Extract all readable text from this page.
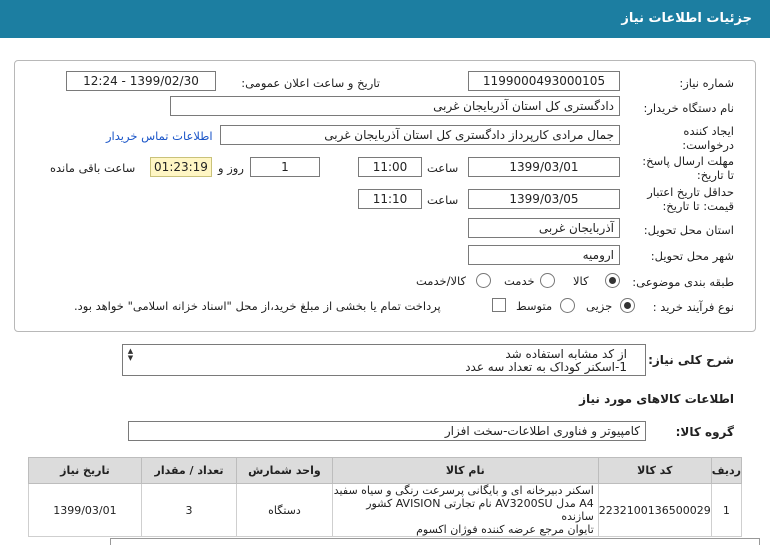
جزئیات اطلاعات نیاز
شماره نیاز:
1199000493000105
تاریخ و ساعت اعلان عمومی:
1399/02/30 - 12:24
نام دستگاه خریدار:
دادگستری کل استان آذربایجان غربی
ایجاد کننده
درخواست:
جمال مرادی کارپرداز دادگستری کل استان آذربایجان غربی
اطلاعات تماس خریدار
مهلت ارسال پاسخ:
تا تاریخ:
1399/03/01
ساعت
11:00
1
روز و
01:23:19
ساعت باقی مانده
حداقل تاریخ اعتبار
قیمت: تا تاریخ:
1399/03/05
ساعت
11:10
استان محل تحویل:
آذربایجان غربی
شهر محل تحویل:
ارومیه
طبقه بندی موضوعی:
کالا
خدمت
کالا/خدمت
نوع فرآیند خرید :
جزیی
متوسط
پرداخت تمام یا بخشی از مبلغ خرید،از محل "اسناد خزانه اسلامی" خواهد بود.
شرح کلی نیاز:
از کد مشابه استفاده شد
1-اسکنر کوداک به تعداد سه عدد
▲
▼
اطلاعات کالاهای مورد نیاز
گروه کالا:
کامپیوتر و فناوری اطلاعات-سخت افزار
ردیف	کد کالا	نام کالا	واحد شمارش	تعداد / مقدار	تاریخ نیاز
1	2232100136500029	اسکنر دبیرخانه ای و بایگانی پرسرعت رنگی و سیاه سفید
A4 مدل AV3200SU نام تجارتی AVISION کشور سازنده
تایوان مرجع عرضه کننده فوژان اکسوم	دستگاه	3	1399/03/01
